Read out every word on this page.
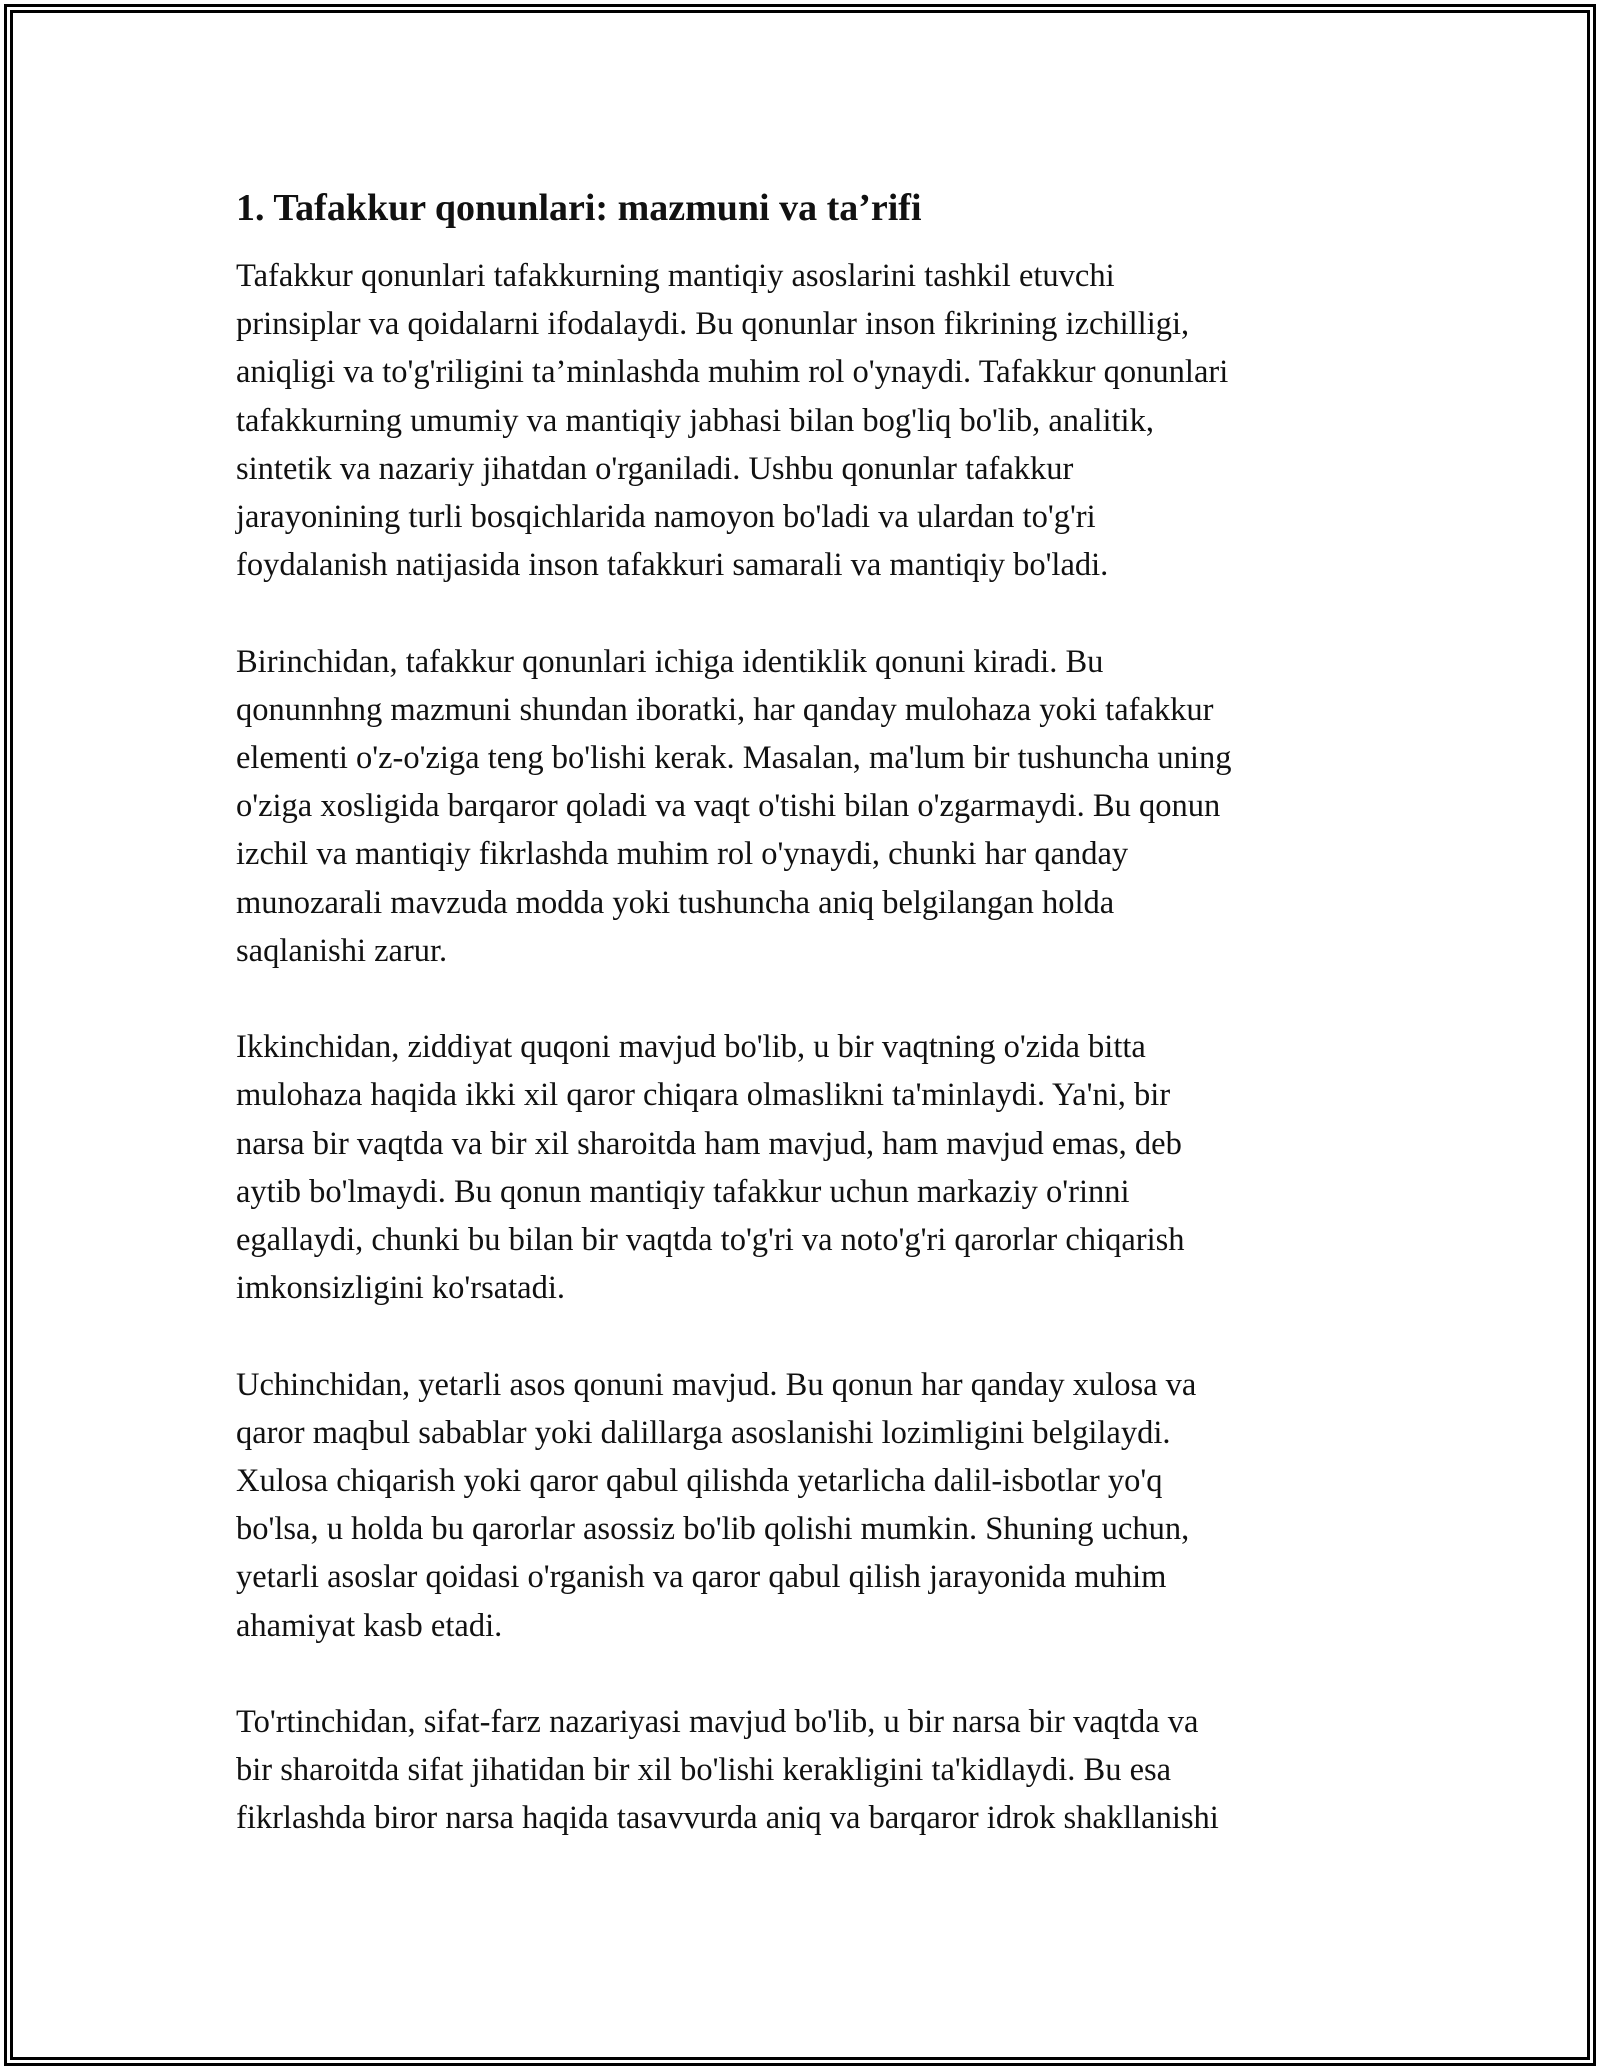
1. Tafakkur qonunlari: mazmuni va ta’rifi
Tafakkur qonunlari tafakkurning mantiqiy asoslarini tashkil etuvchi
prinsiplar va qoidalarni ifodalaydi. Bu qonunlar inson fikrining izchilligi,
aniqligi va to'g'riligini ta’minlashda muhim rol o'ynaydi. Tafakkur qonunlari
tafakkurning umumiy va mantiqiy jabhasi bilan bog'liq bo'lib, analitik,
sintetik va nazariy jihatdan o'rganiladi. Ushbu qonunlar tafakkur
jarayonining turli bosqichlarida namoyon bo'ladi va ulardan to'g'ri
foydalanish natijasida inson tafakkuri samarali va mantiqiy bo'ladi.
Birinchidan, tafakkur qonunlari ichiga identiklik qonuni kiradi. Bu
qonunnhng mazmuni shundan iboratki, har qanday mulohaza yoki tafakkur
elementi o'z-o'ziga teng bo'lishi kerak. Masalan, ma'lum bir tushuncha uning
o'ziga xosligida barqaror qoladi va vaqt o'tishi bilan o'zgarmaydi. Bu qonun
izchil va mantiqiy fikrlashda muhim rol o'ynaydi, chunki har qanday
munozarali mavzuda modda yoki tushuncha aniq belgilangan holda
saqlanishi zarur.
Ikkinchidan, ziddiyat quqoni mavjud bo'lib, u bir vaqtning o'zida bitta
mulohaza haqida ikki xil qaror chiqara olmaslikni ta'minlaydi. Ya'ni, bir
narsa bir vaqtda va bir xil sharoitda ham mavjud, ham mavjud emas, deb
aytib bo'lmaydi. Bu qonun mantiqiy tafakkur uchun markaziy o'rinni
egallaydi, chunki bu bilan bir vaqtda to'g'ri va noto'g'ri qarorlar chiqarish
imkonsizligini ko'rsatadi.
Uchinchidan, yetarli asos qonuni mavjud. Bu qonun har qanday xulosa va
qaror maqbul sabablar yoki dalillarga asoslanishi lozimligini belgilaydi.
Xulosa chiqarish yoki qaror qabul qilishda yetarlicha dalil-isbotlar yo'q
bo'lsa, u holda bu qarorlar asossiz bo'lib qolishi mumkin. Shuning uchun,
yetarli asoslar qoidasi o'rganish va qaror qabul qilish jarayonida muhim
ahamiyat kasb etadi.
To'rtinchidan, sifat-farz nazariyasi mavjud bo'lib, u bir narsa bir vaqtda va
bir sharoitda sifat jihatidan bir xil bo'lishi kerakligini ta'kidlaydi. Bu esa
fikrlashda biror narsa haqida tasavvurda aniq va barqaror idrok shakllanishi
